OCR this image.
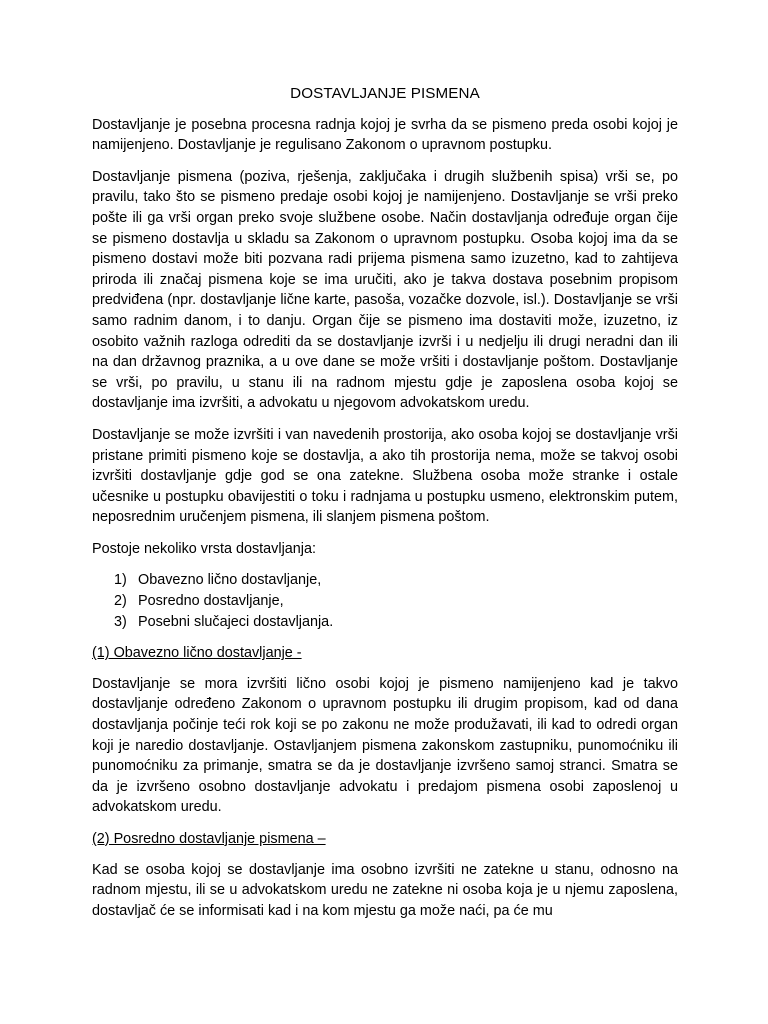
DOSTAVLJANJE PISMENA

Dostavljanje je posebna procesna radnja kojoj je svrha da se pismeno preda osobi kojoj je namijenjeno. Dostavljanje je regulisano Zakonom o upravnom postupku.

Dostavljanje pismena (poziva, rješenja, zaključaka i drugih službenih spisa) vrši se, po pravilu, tako što se pismeno predaje osobi kojoj je namijenjeno. Dostavljanje se vrši preko pošte ili ga vrši organ preko svoje službene osobe. Način dostavljanja određuje organ čije se pismeno dostavlja u skladu sa Zakonom o upravnom postupku. Osoba kojoj ima da se pismeno dostavi može biti pozvana radi prijema pismena samo izuzetno, kad to zahtijeva priroda ili značaj pismena koje se ima uručiti, ako je takva dostava posebnim propisom predviđena (npr. dostavljanje lične karte, pasoša, vozačke dozvole, isl.). Dostavljanje se vrši samo radnim danom, i to danju. Organ čije se pismeno ima dostaviti može, izuzetno, iz osobito važnih razloga odrediti da se dostavljanje izvrši i u nedjelju ili drugi neradni dan ili na dan državnog praznika, a u ove dane se može vršiti i dostavljanje poštom. Dostavljanje se vrši, po pravilu, u stanu ili na radnom mjestu gdje je zaposlena osoba kojoj se dostavljanje ima izvršiti, a advokatu u njegovom advokatskom uredu.

Dostavljanje se može izvršiti i van navedenih prostorija, ako osoba kojoj se dostavljanje vrši pristane primiti pismeno koje se dostavlja, a ako tih prostorija nema, može se takvoj osobi izvršiti dostavljanje gdje god se ona zatekne. Službena osoba može stranke i ostale učesnike u postupku obavijestiti o toku i radnjama u postupku usmeno, elektronskim putem, neposrednim uručenjem pismena, ili slanjem pismena poštom.

Postoje nekoliko vrsta dostavljanja:

1) Obavezno lično dostavljanje,
2) Posredno dostavljanje,
3) Posebni slučajeci dostavljanja.

(1) Obavezno lično dostavljanje -

Dostavljanje se mora izvršiti lično osobi kojoj je pismeno namijenjeno kad je takvo dostavljanje određeno Zakonom o upravnom postupku ili drugim propisom, kad od dana dostavljanja počinje teći rok koji se po zakonu ne može produžavati, ili kad to odredi organ koji je naredio dostavljanje. Ostavljanjem pismena zakonskom zastupniku, punomoćniku ili punomoćniku za primanje, smatra se da je dostavljanje izvršeno samoj stranci. Smatra se da je izvršeno osobno dostavljanje advokatu i predajom pismena osobi zaposlenoj u advokatskom uredu.

(2) Posredno dostavljanje pismena –

Kad se osoba kojoj se dostavljanje ima osobno izvršiti ne zatekne u stanu, odnosno na radnom mjestu, ili se u advokatskom uredu ne zatekne ni osoba koja je u njemu zaposlena, dostavljač će se informisati kad i na kom mjestu ga može naći, pa će mu
